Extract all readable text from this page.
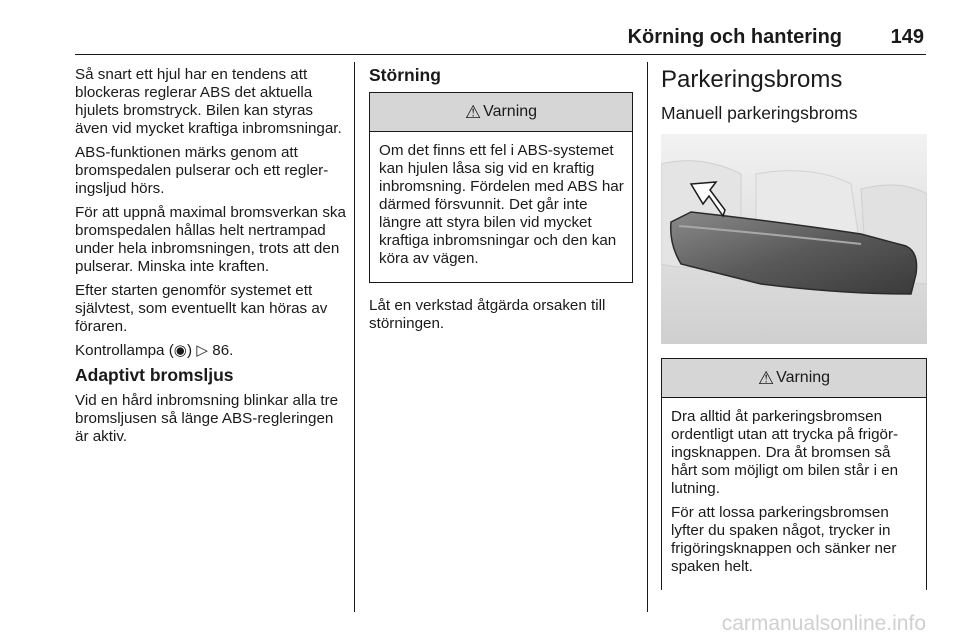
Körning och hantering 149

Så snart ett hjul har en tendens att blockeras reglerar ABS det aktuella hjulets bromstryck. Bilen kan styras även vid mycket kraftiga inbromsningar.

ABS-funktionen märks genom att bromspedalen pulserar och ett regleringsljud hörs.

För att uppnå maximal bromsverkan ska bromspedalen hållas helt nertrampad under hela inbromsningen, trots att den pulserar. Minska inte kraften.

Efter starten genomför systemet ett självtest, som eventuellt kan höras av föraren.

Kontrollampa (◉) ▷ 86.

Adaptivt bromsljus

Vid en hård inbromsning blinkar alla tre bromsljusen så länge ABS-regleringen är aktiv.

Störning
⚠ Varning

Om det finns ett fel i ABS-systemet kan hjulen låsa sig vid en kraftig inbromsning. Fördelen med ABS har därmed försvunnit. Det går inte längre att styra bilen vid mycket kraftiga inbromsningar och den kan köra av vägen.

Låt en verkstad åtgärda orsaken till störningen.

Parkeringsbroms
Manuell parkeringsbroms
⚠ Varning

Dra alltid åt parkeringsbromsen ordentligt utan att trycka på frigöringsknappen. Dra åt bromsen så hårt som möjligt om bilen står i en lutning.

För att lossa parkeringsbromsen lyfter du spaken något, trycker in frigöringsknappen och sänker ner spaken helt.

carmanualsonline.info
